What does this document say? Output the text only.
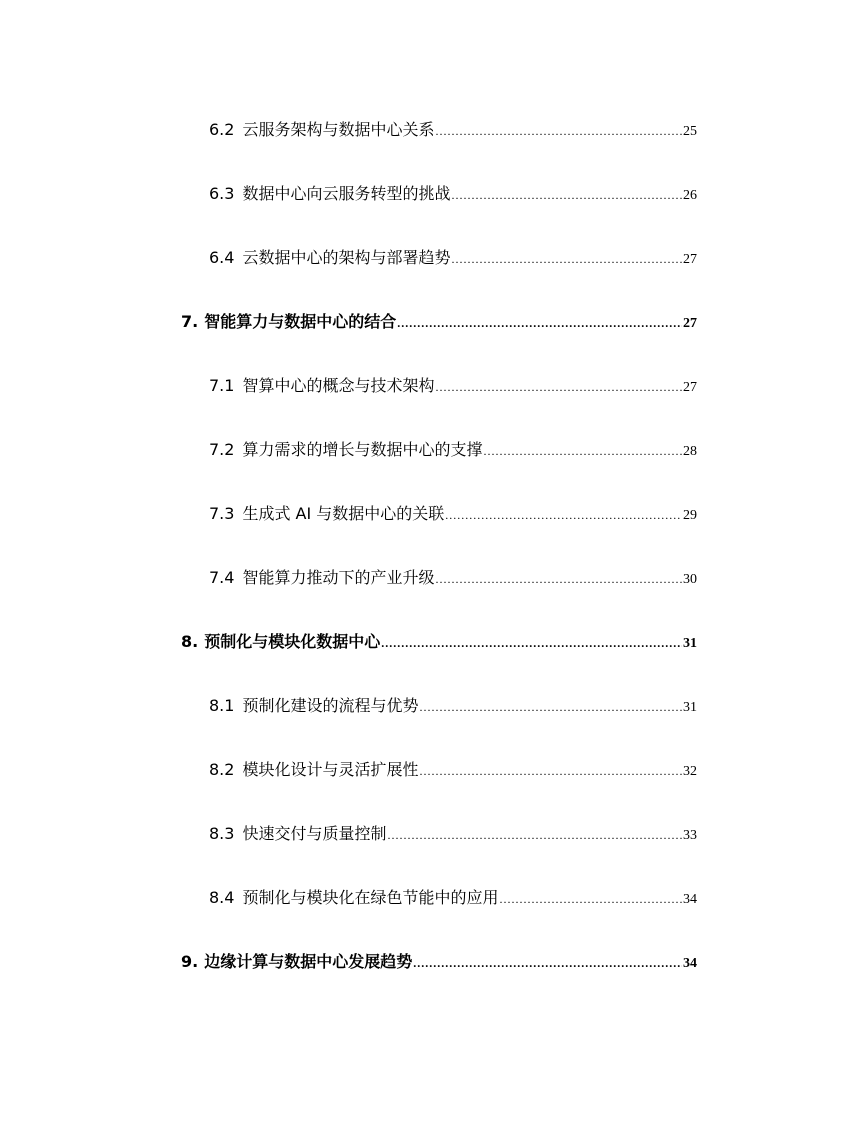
6.2 云服务架构与数据中心关系 .....	25
6.3 数据中心向云服务转型的挑战 .....	26
6.4 云数据中心的架构与部署趋势 .....	27
7. 智能算力与数据中心的结合 .....	27
7.1 智算中心的概念与技术架构 .....	27
7.2 算力需求的增长与数据中心的支撑 .....	28
7.3 生成式 AI 与数据中心的关联 .....	29
7.4 智能算力推动下的产业升级 .....	30
8. 预制化与模块化数据中心 .....	31
8.1 预制化建设的流程与优势 .....	31
8.2 模块化设计与灵活扩展性 .....	32
8.3 快速交付与质量控制 .....	33
8.4 预制化与模块化在绿色节能中的应用 .....	34
9. 边缘计算与数据中心发展趋势 .....	34
